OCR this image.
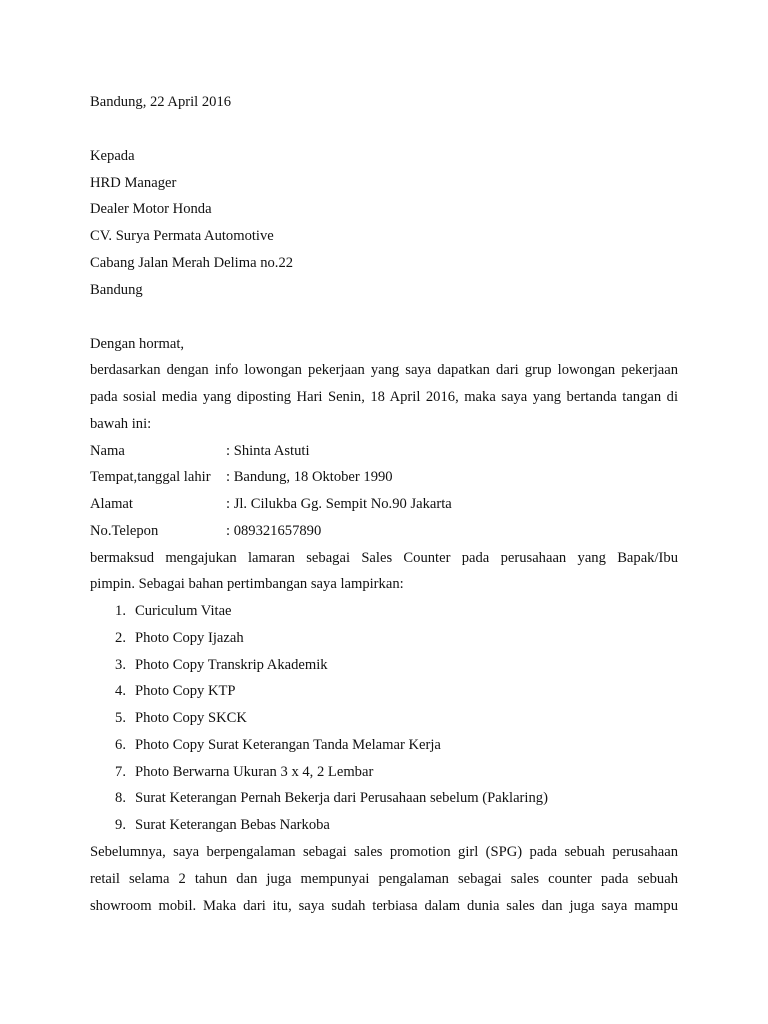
Bandung, 22 April 2016
Kepada
HRD Manager
Dealer Motor Honda
CV. Surya Permata Automotive
Cabang Jalan Merah Delima no.22
Bandung
Dengan hormat,
berdasarkan dengan info lowongan pekerjaan yang saya dapatkan dari grup lowongan pekerjaan
pada sosial media yang diposting Hari Senin, 18 April 2016, maka saya yang bertanda tangan di
bawah ini:
Nama	: Shinta Astuti
Tempat,tanggal lahir : Bandung, 18 Oktober 1990
Alamat	: Jl. Cilukba Gg. Sempit No.90 Jakarta
No.Telepon	: 089321657890
bermaksud mengajukan lamaran sebagai Sales Counter pada perusahaan yang Bapak/Ibu
pimpin. Sebagai bahan pertimbangan saya lampirkan:
1. Curiculum Vitae
2. Photo Copy Ijazah
3. Photo Copy Transkrip Akademik
4. Photo Copy KTP
5. Photo Copy SKCK
6. Photo Copy Surat Keterangan Tanda Melamar Kerja
7. Photo Berwarna Ukuran 3 x 4, 2 Lembar
8. Surat Keterangan Pernah Bekerja dari Perusahaan sebelum (Paklaring)
9. Surat Keterangan Bebas Narkoba
Sebelumnya, saya berpengalaman sebagai sales promotion girl (SPG) pada sebuah perusahaan
retail selama 2 tahun dan juga mempunyai pengalaman sebagai sales counter pada sebuah
showroom mobil. Maka dari itu, saya sudah terbiasa dalam dunia sales dan juga saya mampu
